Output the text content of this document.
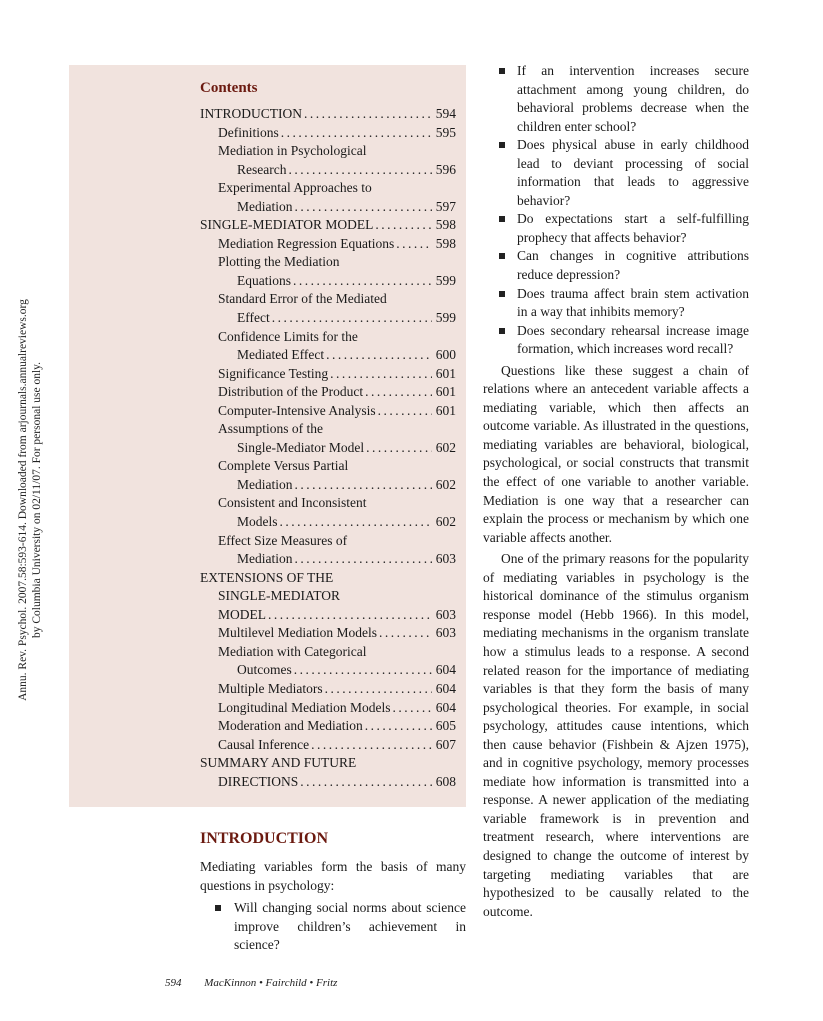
Annu. Rev. Psychol. 2007.58:593-614. Downloaded from arjournals.annualreviews.org by Columbia University on 02/11/07. For personal use only.
Contents
INTRODUCTION .....	594
Definitions .....	595
Mediation in Psychological
Research .....	596
Experimental Approaches to
Mediation .....	597
SINGLE-MEDIATOR MODEL .....	598
Mediation Regression Equations .....	598
Plotting the Mediation
Equations .....	599
Standard Error of the Mediated
Effect .....	599
Confidence Limits for the
Mediated Effect .....	600
Significance Testing .....	601
Distribution of the Product .....	601
Computer-Intensive Analysis .....	601
Assumptions of the
Single-Mediator Model .....	602
Complete Versus Partial
Mediation .....	602
Consistent and Inconsistent
Models .....	602
Effect Size Measures of
Mediation .....	603
EXTENSIONS OF THE
SINGLE-MEDIATOR
MODEL .....	603
Multilevel Mediation Models .....	603
Mediation with Categorical
Outcomes .....	604
Multiple Mediators .....	604
Longitudinal Mediation Models .....	604
Moderation and Mediation .....	605
Causal Inference .....	607
SUMMARY AND FUTURE
DIRECTIONS .....	608
INTRODUCTION

Mediating variables form the basis of many questions in psychology:

Will changing social norms about science improve children’s achievement in science?
If an intervention increases secure attachment among young children, do behavioral problems decrease when the children enter school?
Does physical abuse in early childhood lead to deviant processing of social information that leads to aggressive behavior?
Do expectations start a self-fulfilling prophecy that affects behavior?
Can changes in cognitive attributions reduce depression?
Does trauma affect brain stem activation in a way that inhibits memory?
Does secondary rehearsal increase image formation, which increases word recall?

Questions like these suggest a chain of relations where an antecedent variable affects a mediating variable, which then affects an outcome variable. As illustrated in the questions, mediating variables are behavioral, biological, psychological, or social constructs that transmit the effect of one variable to another variable. Mediation is one way that a researcher can explain the process or mechanism by which one variable affects another.

One of the primary reasons for the popularity of mediating variables in psychology is the historical dominance of the stimulus organism response model (Hebb 1966). In this model, mediating mechanisms in the organism translate how a stimulus leads to a response. A second related reason for the importance of mediating variables is that they form the basis of many psychological theories. For example, in social psychology, attitudes cause intentions, which then cause behavior (Fishbein & Ajzen 1975), and in cognitive psychology, memory processes mediate how information is transmitted into a response. A newer application of the mediating variable framework is in prevention and treatment research, where interventions are designed to change the outcome of interest by targeting mediating variables that are hypothesized to be causally related to the outcome.

594 MacKinnon • Fairchild • Fritz
